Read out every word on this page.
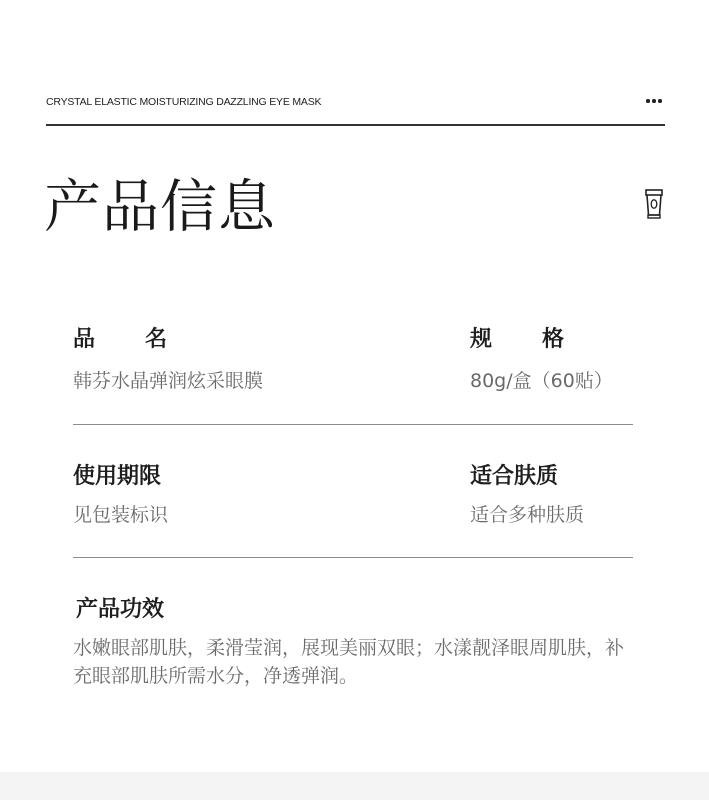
CRYSTAL ELASTIC MOISTURIZING DAZZLING EYE MASK
产品信息
品名
韩芬水晶弹润炫采眼膜
规格
80g/盒（60贴）
使用期限
见包装标识
适合肤质
适合多种肤质
产品功效
水嫩眼部肌肤，柔滑莹润，展现美丽双眼；水漾靓泽眼周肌肤，补充眼部肌肤所需水分，净透弹润。
